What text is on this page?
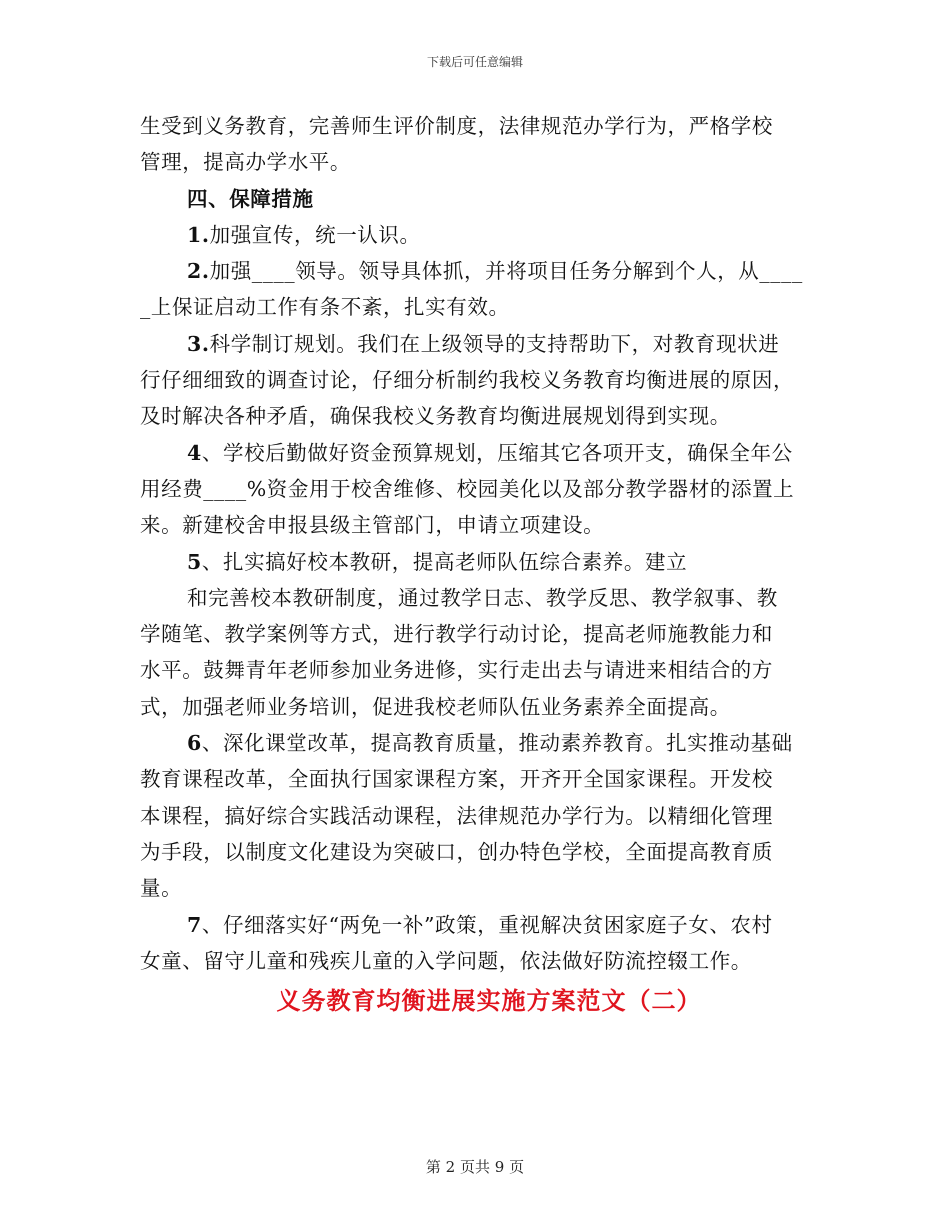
下载后可任意编辑
生受到义务教育，完善师生评价制度，法律规范办学行为，严格学校
管理，提高办学水平。
四、保障措施
1.加强宣传，统一认识。
2.加强____领导。领导具体抓，并将项目任务分解到个人，从____
_上保证启动工作有条不紊，扎实有效。
3.科学制订规划。我们在上级领导的支持帮助下，对教育现状进
行仔细细致的调查讨论，仔细分析制约我校义务教育均衡进展的原因，
及时解决各种矛盾，确保我校义务教育均衡进展规划得到实现。
4、学校后勤做好资金预算规划，压缩其它各项开支，确保全年公
用经费____%资金用于校舍维修、校园美化以及部分教学器材的添置上
来。新建校舍申报县级主管部门，申请立项建设。
5、扎实搞好校本教研，提高老师队伍综合素养。建立
和完善校本教研制度，通过教学日志、教学反思、教学叙事、教
学随笔、教学案例等方式，进行教学行动讨论，提高老师施教能力和
水平。鼓舞青年老师参加业务进修，实行走出去与请进来相结合的方
式，加强老师业务培训，促进我校老师队伍业务素养全面提高。
6、深化课堂改革，提高教育质量，推动素养教育。扎实推动基础
教育课程改革，全面执行国家课程方案，开齐开全国家课程。开发校
本课程，搞好综合实践活动课程，法律规范办学行为。以精细化管理
为手段，以制度文化建设为突破口，创办特色学校，全面提高教育质
量。
7、仔细落实好“两免一补”政策，重视解决贫困家庭子女、农村
女童、留守儿童和残疾儿童的入学问题，依法做好防流控辍工作。
义务教育均衡进展实施方案范文（二）
第 2 页共 9 页
